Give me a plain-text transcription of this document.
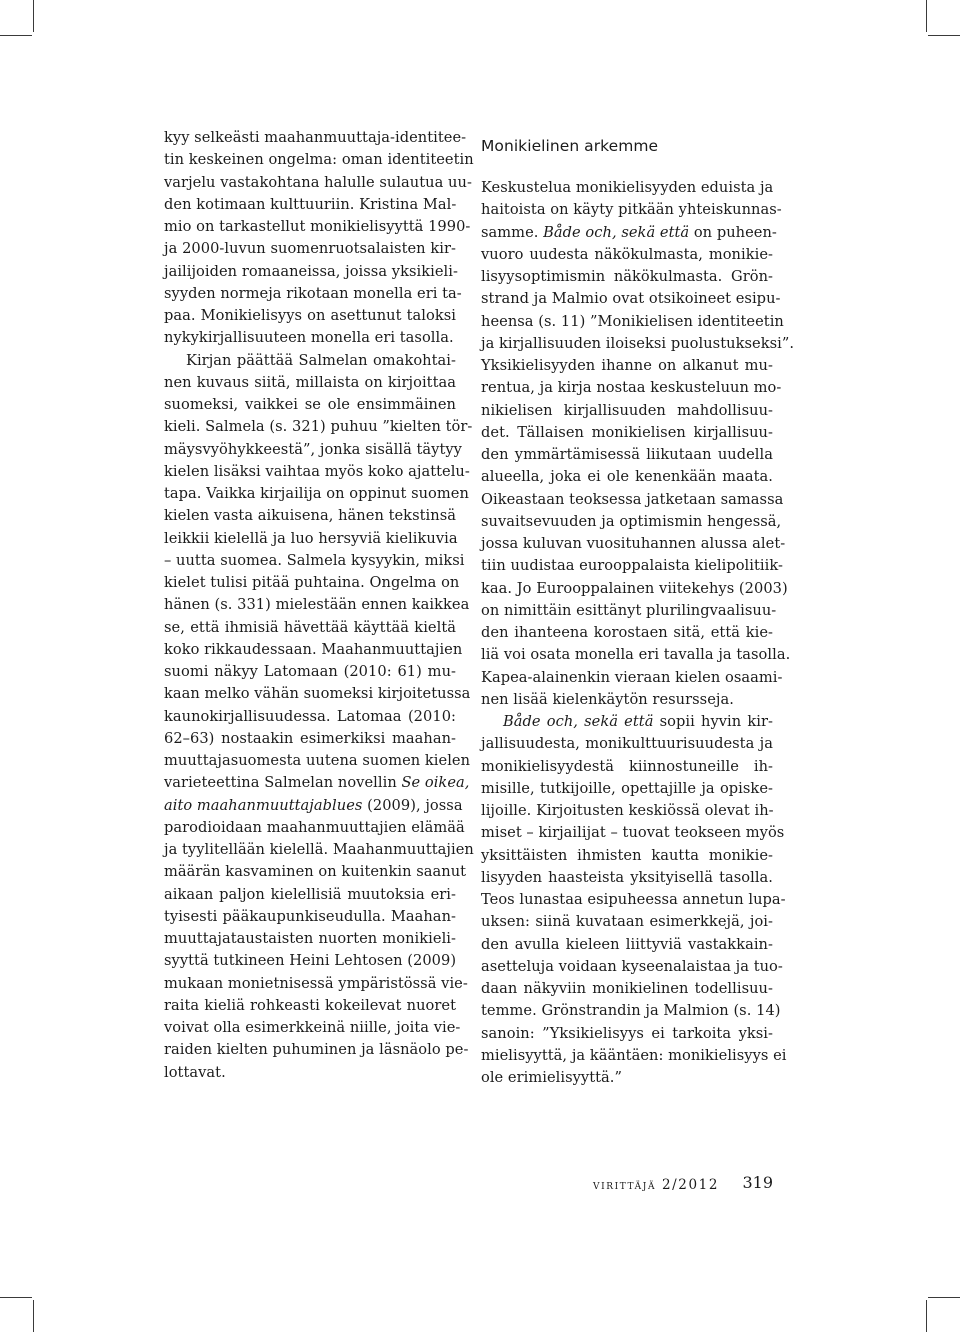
kyy selkeästi maahanmuuttaja-identitee-
tin keskeinen ongelma: oman identiteetin
varjelu vastakohtana halulle sulautua uu-
den kotimaan kulttuuriin. Kristina Mal-
mio on tarkastellut monikielisyyttä 1990-
ja 2000-luvun suomenruotsalaisten kir-
jailijoiden romaaneissa, joissa yksikieli-
syyden normeja rikotaan monella eri ta-
paa. Monikielisyys on asettunut taloksi
nykykirjallisuuteen monella eri tasolla.
Kirjan päättää Salmelan omakohtai-
nen kuvaus siitä, millaista on kirjoittaa
suomeksi, vaikkei se ole ensimmäinen
kieli. Salmela (s. 321) puhuu ”kielten tör-
mäysvyöhykkeestä”, jonka sisällä täytyy
kielen lisäksi vaihtaa myös koko ajattelu-
tapa. Vaikka kirjailija on oppinut suomen
kielen vasta aikuisena, hänen tekstinsä
leikkii kielellä ja luo hersyviä kielikuvia
– uutta suomea. Salmela kysyykin, miksi
kielet tulisi pitää puhtaina. Ongelma on
hänen (s. 331) mielestään ennen kaikkea
se, että ihmisiä hävettää käyttää kieltä
koko rikkaudessaan. Maahanmuuttajien
suomi näkyy Latomaan (2010: 61) mu-
kaan melko vähän suomeksi kirjoitetussa
kaunokirjallisuudessa. Latomaa (2010:
62–63) nostaakin esimerkiksi maahan-
muuttajasuomesta uutena suomen kielen
varieteettina Salmelan novellin Se oikea,
aito maahanmuuttajablues (2009), jossa
parodioidaan maahanmuuttajien elämää
ja tyylitellään kielellä. Maahanmuuttajien
määrän kasvaminen on kuitenkin saanut
aikaan paljon kielellisiä muutoksia eri-
tyisesti pääkaupunkiseudulla. Maahan-
muuttajataustaisten nuorten monikieli-
syyttä tutkineen Heini Lehtosen (2009)
mukaan monietnisessä ympäristössä vie-
raita kieliä rohkeasti kokeilevat nuoret
voivat olla esimerkkeinä niille, joita vie-
raiden kielten puhuminen ja läsnäolo pe-
lottavat.
Monikielinen arkemme
Keskustelua monikielisyyden eduista ja
haitoista on käyty pitkään yhteiskunnas-
samme. Både och, sekä että on puheen-
vuoro uudesta näkökulmasta, monikie-
lisyysoptimismin näkökulmasta. Grön-
strand ja Malmio ovat otsikoineet esipu-
heensa (s. 11) ”Monikielisen identiteetin
ja kirjallisuuden iloiseksi puolustukseksi”.
Yksikielisyyden ihanne on alkanut mu-
rentua, ja kirja nostaa keskusteluun mo-
nikielisen kirjallisuuden mahdollisuu-
det. Tällaisen monikielisen kirjallisuu-
den ymmärtämisessä liikutaan uudella
alueella, joka ei ole kenenkään maata.
Oikeastaan teoksessa jatketaan samassa
suvaitsevuuden ja optimismin hengessä,
jossa kuluvan vuosituhannen alussa alet-
tiin uudistaa eurooppalaista kielipolitiik-
kaa. Jo Eurooppalainen viitekehys (2003)
on nimittäin esittänyt plurilingvaalisuu-
den ihanteena korostaen sitä, että kie-
liä voi osata monella eri tavalla ja tasolla.
Kapea-alainenkin vieraan kielen osaami-
nen lisää kielenkäytön resursseja.
Både och, sekä että sopii hyvin kir-
jallisuudesta, monikulttuurisuudesta ja
monikielisyydestä kiinnostuneille ih-
misille, tutkijoille, opettajille ja opiske-
lijoille. Kirjoitusten keskiössä olevat ih-
miset – kirjailijat – tuovat teokseen myös
yksittäisten ihmisten kautta monikie-
lisyyden haasteista yksityisellä tasolla.
Teos lunastaa esipuheessa annetun lupa-
uksen: siinä kuvataan esimerkkejä, joi-
den avulla kieleen liittyviä vastakkain-
asetteluja voidaan kyseenalaistaa ja tuo-
daan näkyviin monikielinen todellisuu-
temme. Grönstrandin ja Malmion (s. 14)
sanoin: ”Yksikielisyys ei tarkoita yksi-
mielisyyttä, ja kääntäen: monikielisyys ei
ole erimielisyyttä.”
virittäjä 2/2012 319
